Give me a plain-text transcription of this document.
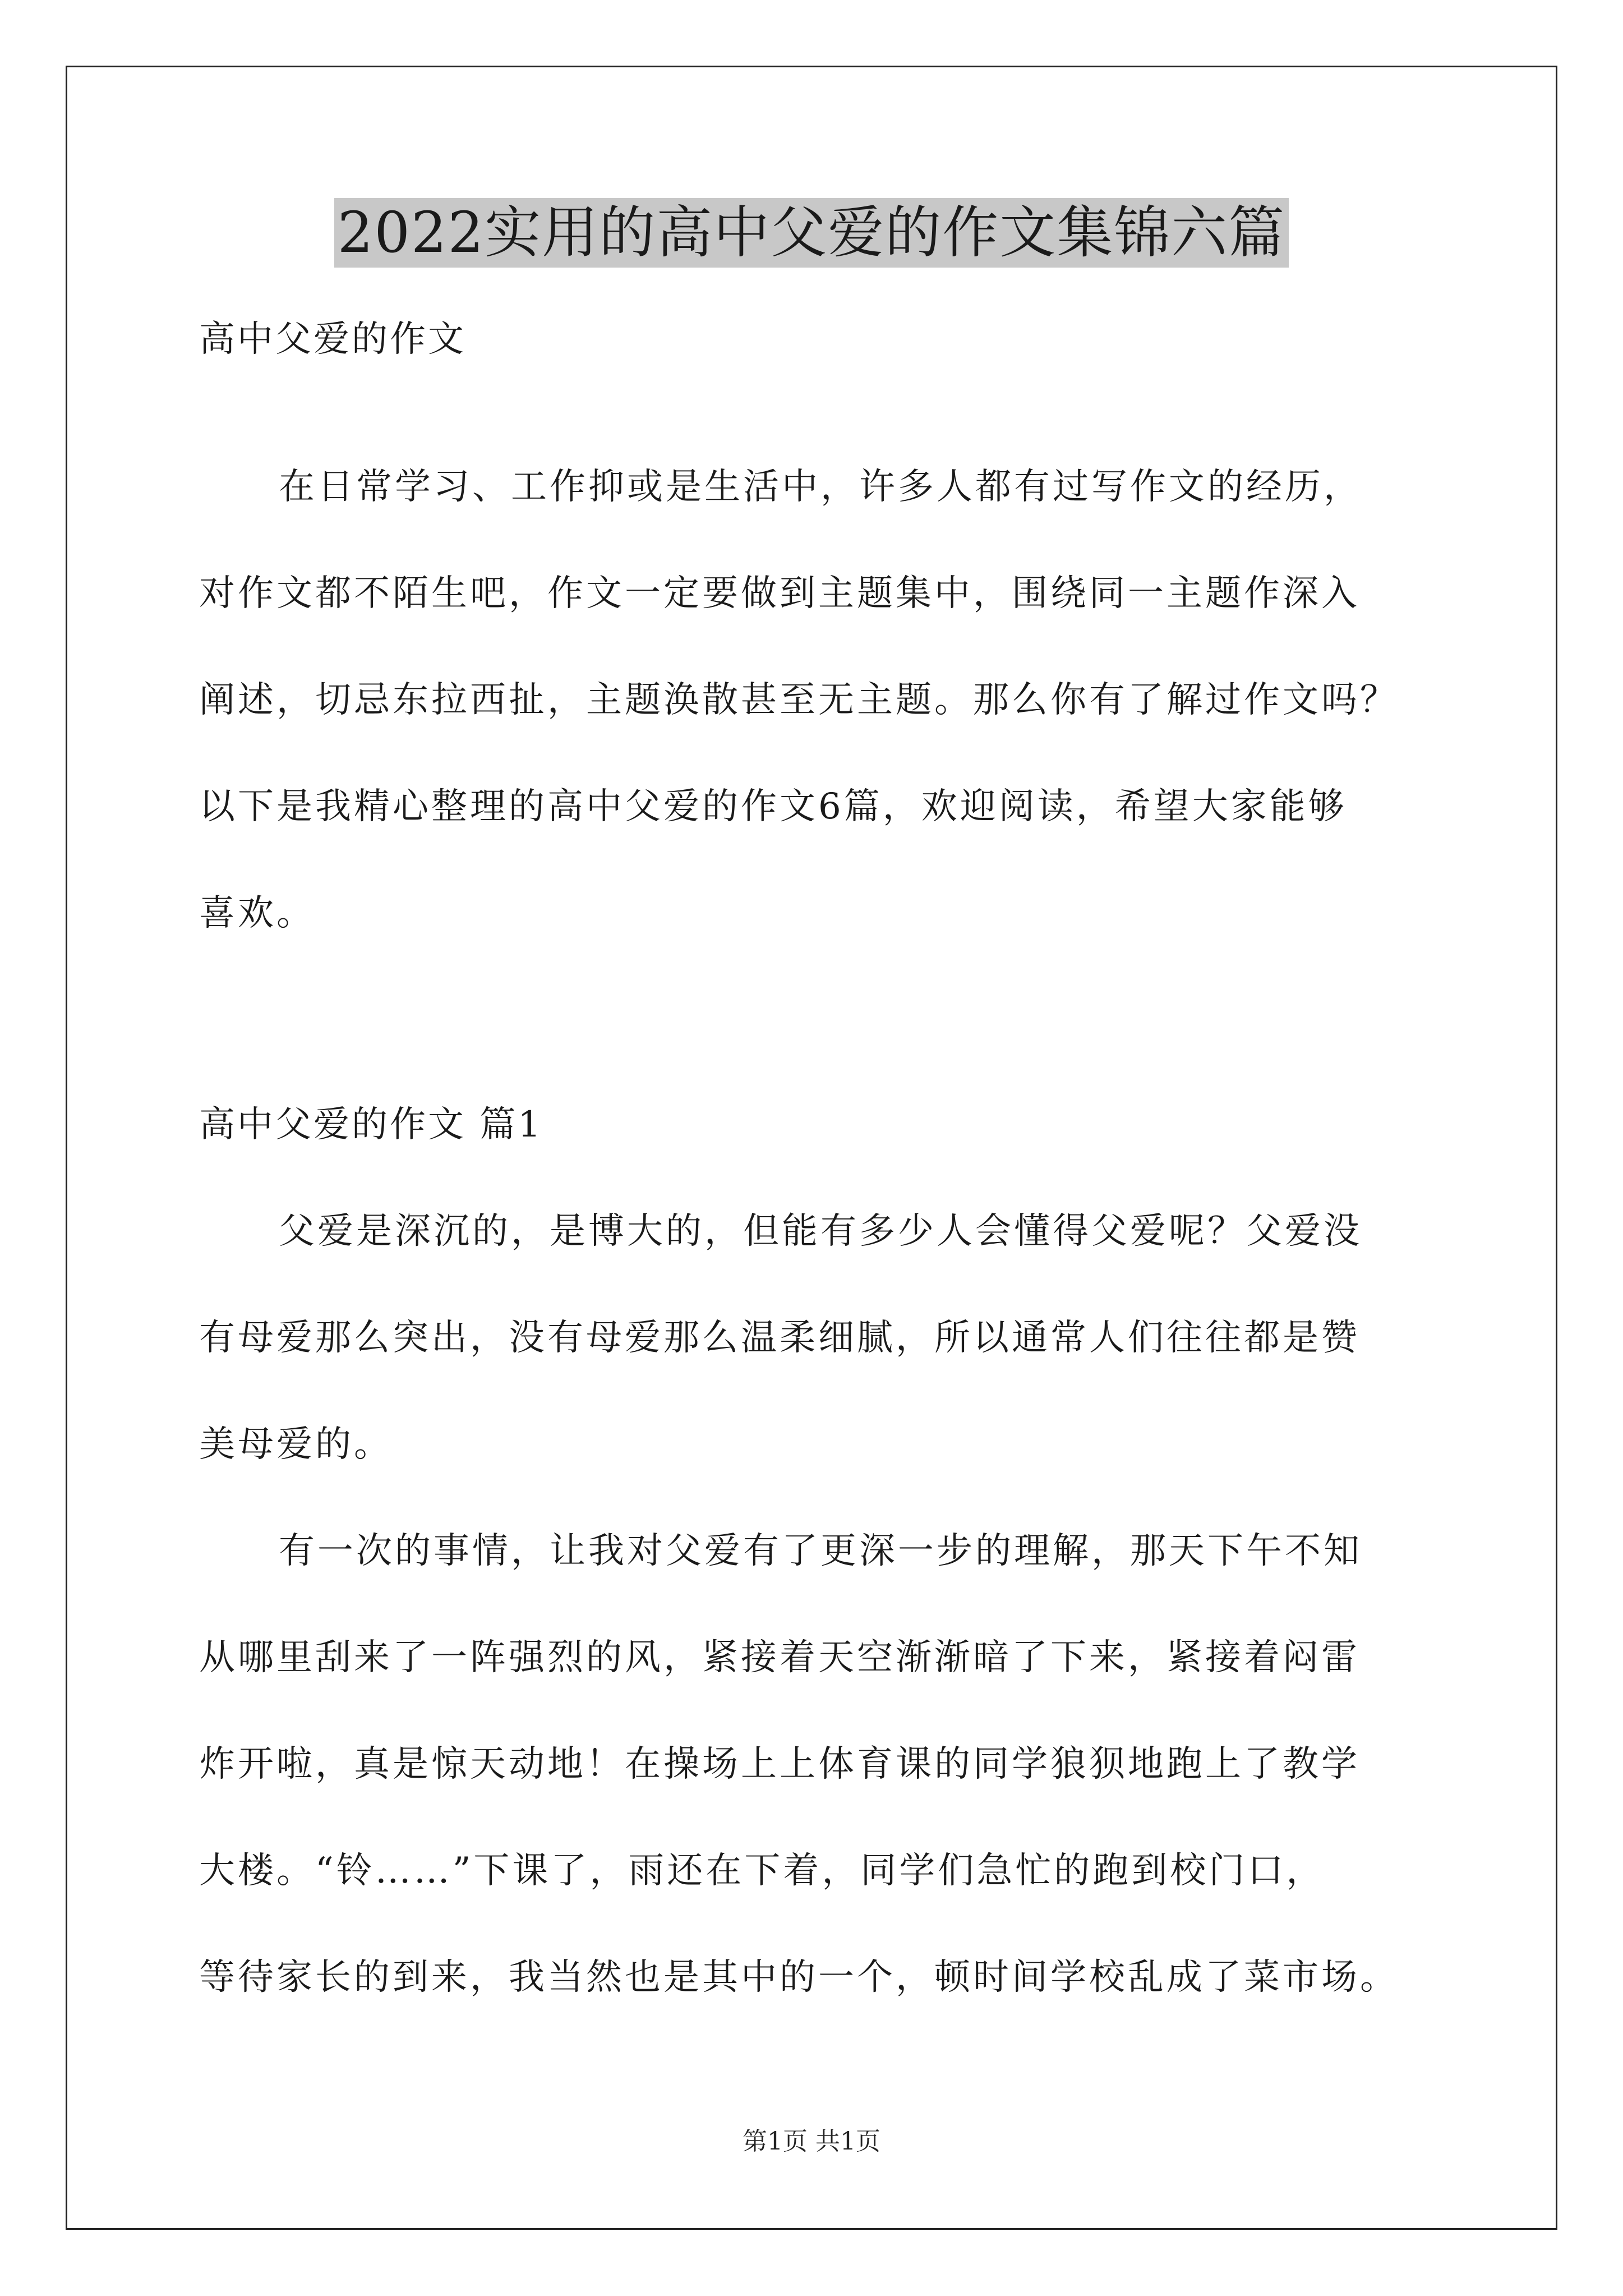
2022实用的高中父爱的作文集锦六篇
高中父爱的作文
在日常学习、工作抑或是生活中，许多人都有过写作文的经历，
对作文都不陌生吧，作文一定要做到主题集中，围绕同一主题作深入
阐述，切忌东拉西扯，主题涣散甚至无主题。那么你有了解过作文吗？
以下是我精心整理的高中父爱的作文6篇，欢迎阅读，希望大家能够
喜欢。
高中父爱的作文 篇1
父爱是深沉的，是博大的，但能有多少人会懂得父爱呢？父爱没
有母爱那么突出，没有母爱那么温柔细腻，所以通常人们往往都是赞
美母爱的。
有一次的事情，让我对父爱有了更深一步的理解，那天下午不知
从哪里刮来了一阵强烈的风，紧接着天空渐渐暗了下来，紧接着闷雷
炸开啦，真是惊天动地！在操场上上体育课的同学狼狈地跑上了教学
大楼。“铃……”下课了，雨还在下着，同学们急忙的跑到校门口，
等待家长的到来，我当然也是其中的一个，顿时间学校乱成了菜市场。
第1页 共1页
